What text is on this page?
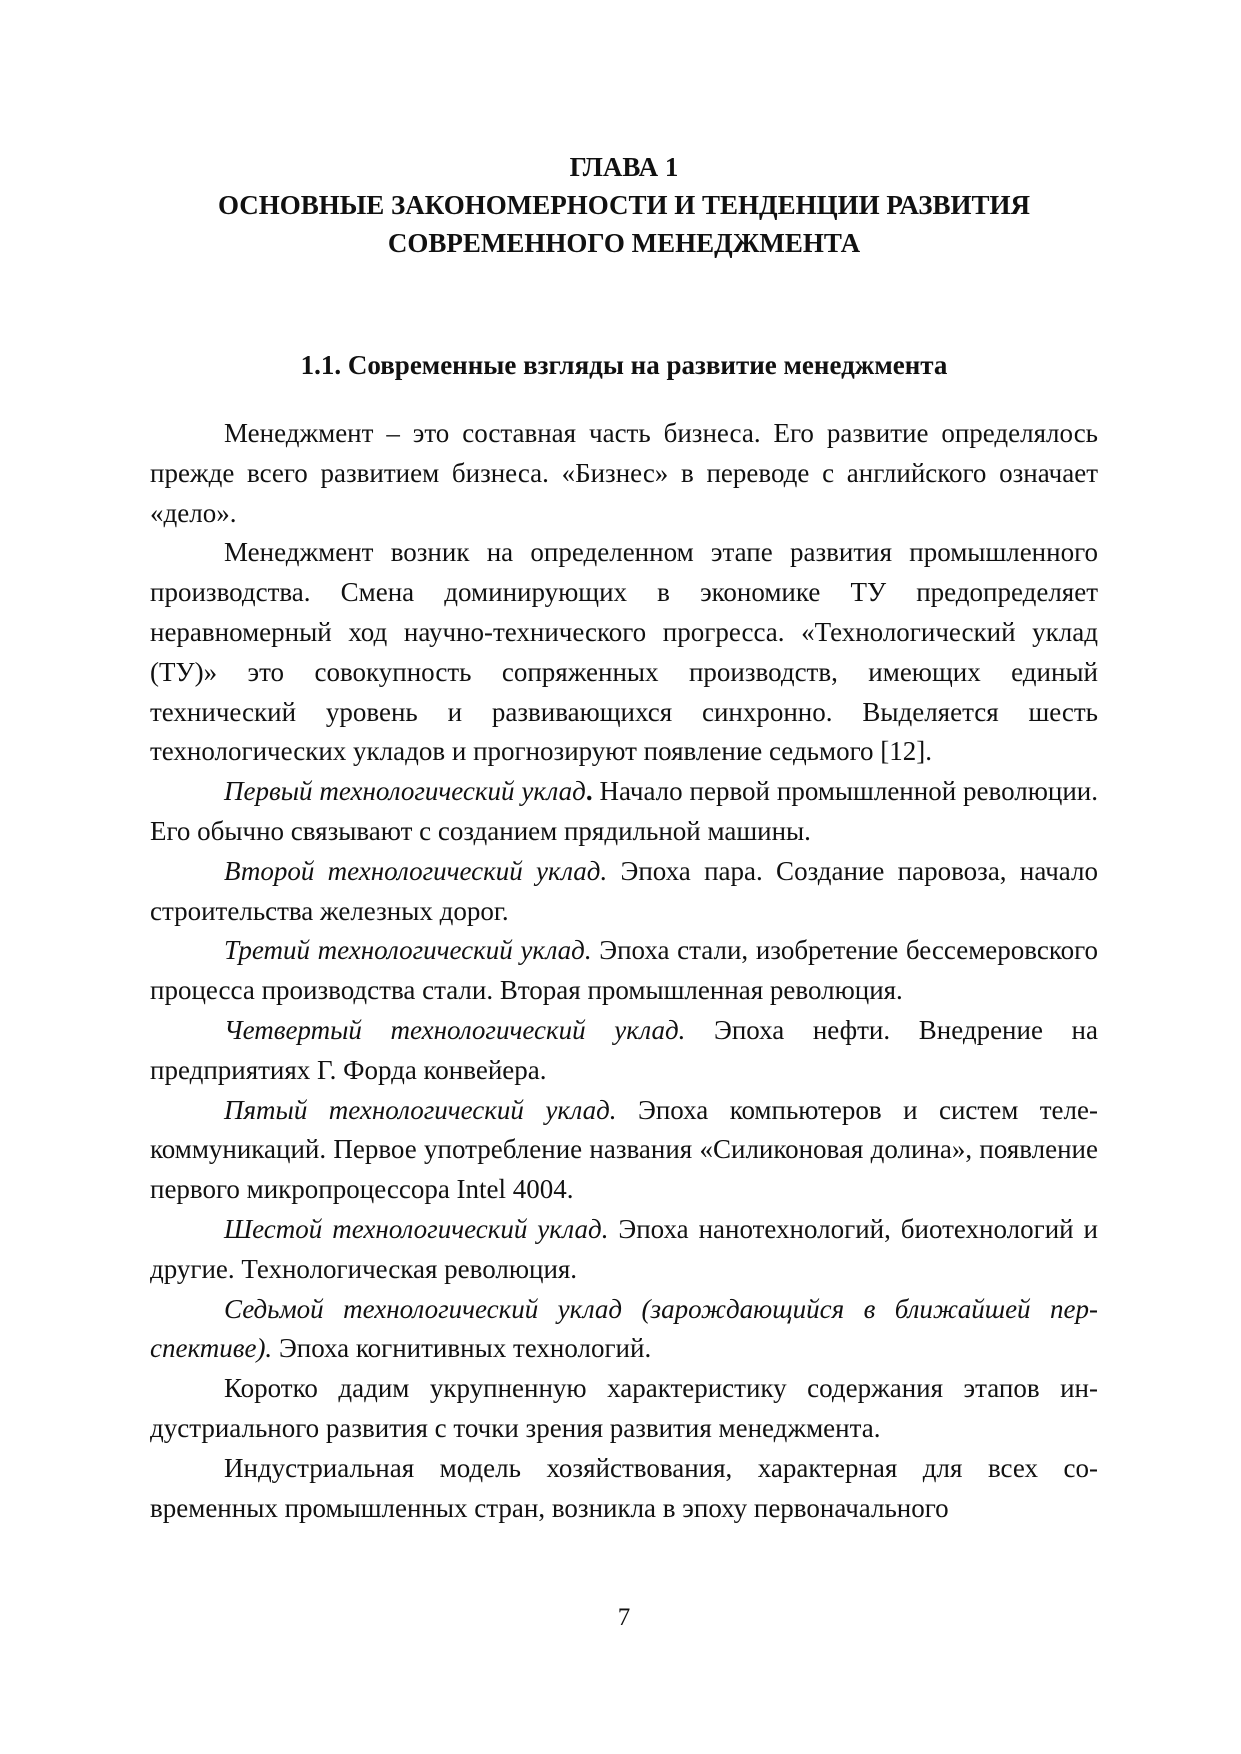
ГЛАВА 1
ОСНОВНЫЕ ЗАКОНОМЕРНОСТИ И ТЕНДЕНЦИИ РАЗВИТИЯ
СОВРЕМЕННОГО МЕНЕДЖМЕНТА
1.1. Современные взгляды на развитие менеджмента

Менеджмент – это составная часть бизнеса. Его развитие определялось прежде всего развитием бизнеса. «Бизнес» в переводе с английского означает «дело».

Менеджмент возник на определенном этапе развития промышленного производства. Смена доминирующих в экономике ТУ предопределяет неравномерный ход научно-технического прогресса. «Технологический уклад (ТУ)» это совокупность сопряженных производств, имеющих единый технический уровень и развивающихся синхронно. Выделяется шесть технологических укладов и прогнозируют появление седьмого [12].

Первый технологический уклад. Начало первой промышленной революции. Его обычно связывают с созданием прядильной машины.

Второй технологический уклад. Эпоха пара. Создание паровоза, начало строительства железных дорог.

Третий технологический уклад. Эпоха стали, изобретение бессемеровского процесса производства стали. Вторая промышленная революция.

Четвертый технологический уклад. Эпоха нефти. Внедрение на предприятиях Г. Форда конвейера.

Пятый технологический уклад. Эпоха компьютеров и систем телекоммуникаций. Первое употребление названия «Силиконовая долина», появление первого микропроцессора Intel 4004.

Шестой технологический уклад. Эпоха нанотехнологий, биотехнологий и другие. Технологическая революция.

Седьмой технологический уклад (зарождающийся в ближайшей перспективе). Эпоха когнитивных технологий.

Коротко дадим укрупненную характеристику содержания этапов индустриального развития с точки зрения развития менеджмента.

Индустриальная модель хозяйствования, характерная для всех современных промышленных стран, возникла в эпоху первоначального

7
